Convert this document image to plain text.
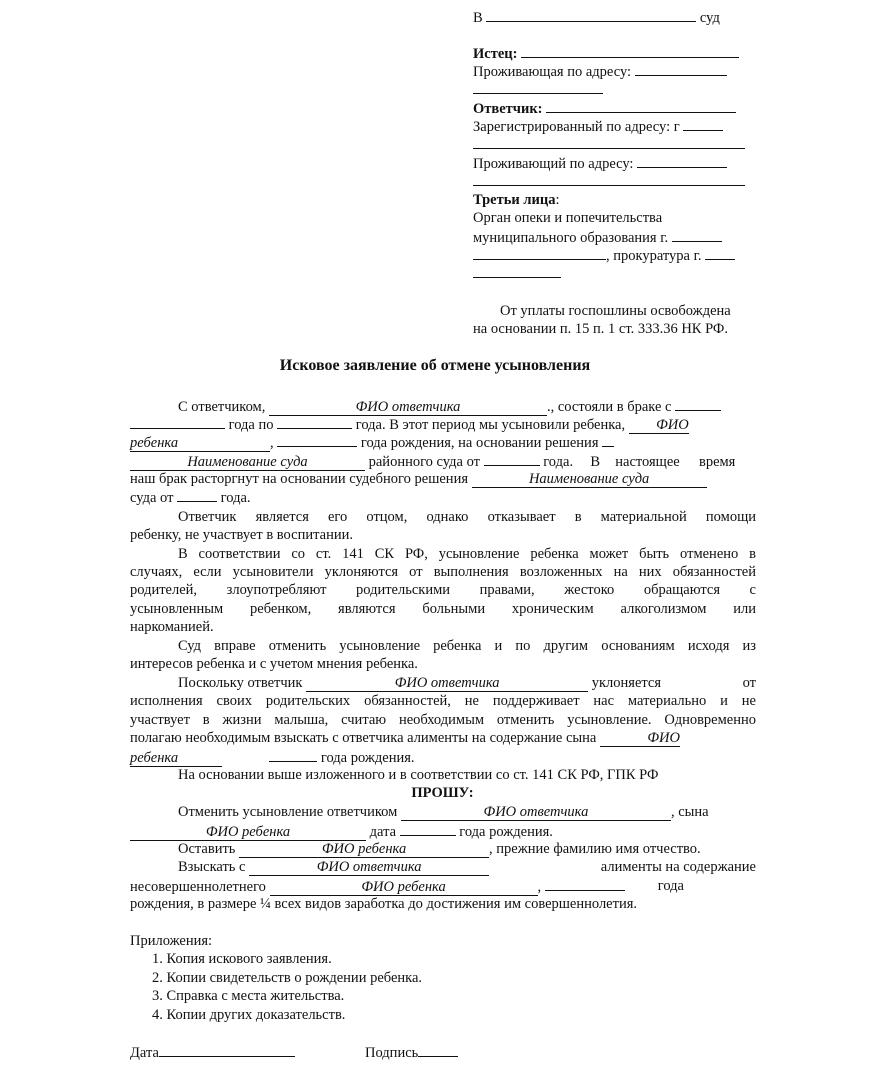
В	суд
Истец:
Проживающая по адресу:
Ответчик:
Зарегистрированный по адресу: г
Проживающий по адресу:
Третьи лица:
Орган опеки и попечительства
муниципального образования г.
, прокуратура г.
От уплаты госпошлины освобождена
на основании п. 15 п. 1 ст. 333.36 НК РФ.
Исковое заявление об отмене усыновления
С ответчиком,	ФИО ответчика	., состояли в браке с
года по	года. В этот период мы усыновили ребенка, ФИО
ребенка	,	года рождения, на основании решения
Наименование суда	районного суда от	года. В настоящее время
наш брак расторгнут на основании судебного решения	Наименование суда
суда от	года.
Ответчик является его отцом, однако отказывает в материальной помощи
ребенку, не участвует в воспитании.
В соответствии со ст. 141 СК РФ, усыновление ребенка может быть отменено в
случаях, если усыновители уклоняются от выполнения возложенных на них обязанностей
родителей, злоупотребляют родительскими правами, жестоко обращаются с
усыновленным ребенком, являются больными хроническим алкоголизмом или
наркоманией.
Суд вправе отменить усыновление ребенка и по другим основаниям исходя из
интересов ребенка и с учетом мнения ребенка.
Поскольку ответчик	ФИО ответчика	уклоняется	от
исполнения своих родительских обязанностей, не поддерживает нас материально и не
участвует в жизни малыша, считаю необходимым отменить усыновление. Одновременно
полагаю необходимым взыскать с ответчика алименты на содержание сына	ФИО
ребенка	года рождения.
На основании выше изложенного и в соответствии со ст. 141 СК РФ, ГПК РФ
ПРОШУ:
Отменить усыновление ответчиком	ФИО ответчика	, сына
ФИО ребенка	дата	года рождения.
Оставить	ФИО ребенка	, прежние фамилию имя отчество.
Взыскать с	ФИО ответчика	алименты на содержание
несовершеннолетнего	ФИО ребенка	,	года
рождения, в размере ¼ всех видов заработка до достижения им совершеннолетия.
Приложения:
1. Копия искового заявления.
2. Копии свидетельств о рождении ребенка.
3. Справка с места жительства.
4. Копии других доказательств.
Дата	Подпись
